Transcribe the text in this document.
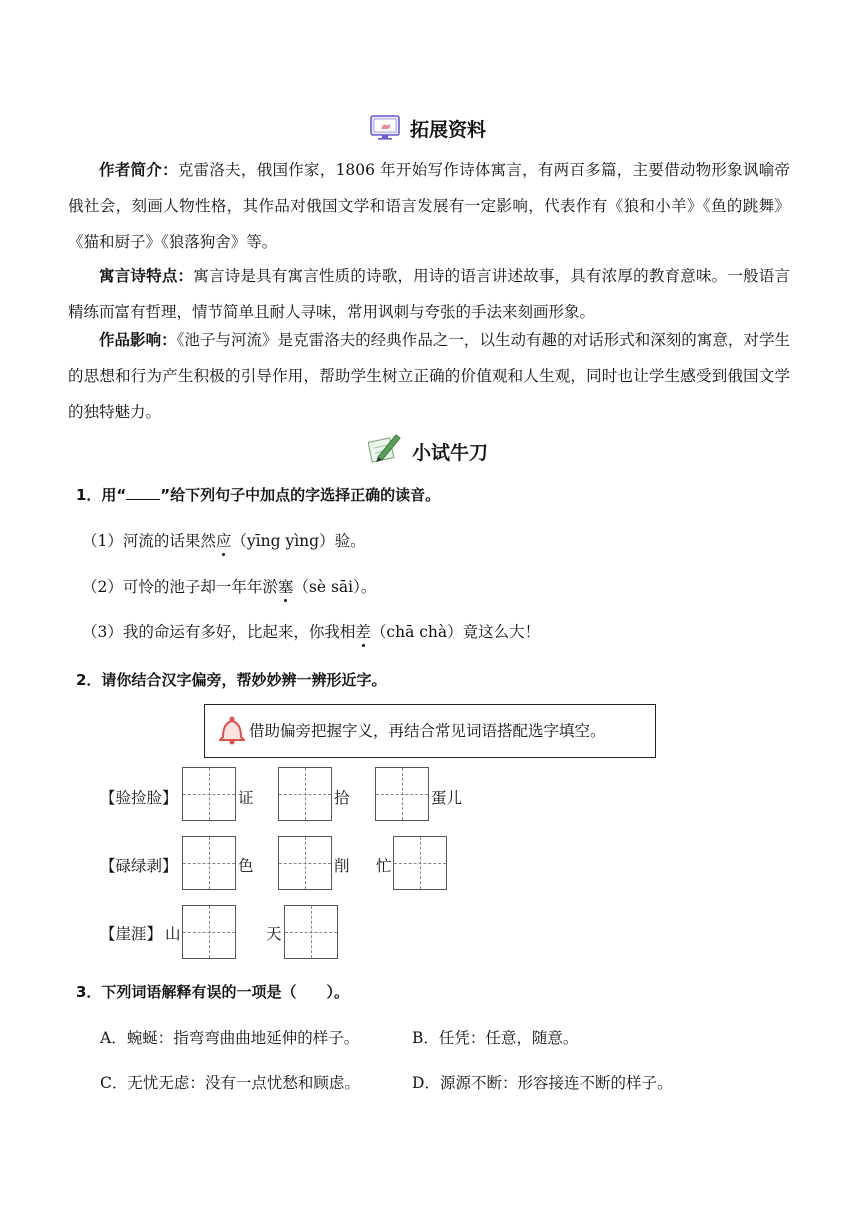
拓展资料
作者简介：克雷洛夫，俄国作家，1806 年开始写作诗体寓言，有两百多篇，主要借动物形象讽喻帝俄社会，刻画人物性格，其作品对俄国文学和语言发展有一定影响，代表作有《狼和小羊》《鱼的跳舞》《猫和厨子》《狼落狗舍》等。
寓言诗特点：寓言诗是具有寓言性质的诗歌，用诗的语言讲述故事，具有浓厚的教育意味。一般语言精练而富有哲理，情节简单且耐人寻味，常用讽刺与夸张的手法来刻画形象。
作品影响：《池子与河流》是克雷洛夫的经典作品之一，以生动有趣的对话形式和深刻的寓意，对学生的思想和行为产生积极的引导作用，帮助学生树立正确的价值观和人生观，同时也让学生感受到俄国文学的独特魅力。
小试牛刀
1．用“ ”给下列句子中加点的字选择正确的读音。
（1）河流的话果然应（yīng yìng）验。
（2）可怜的池子却一年年淤塞（sè sāi）。
（3）我的命运有多好，比起来，你我相差（chā chà）竟这么大！
2．请你结合汉字偏旁，帮妙妙辨一辨形近字。
借助偏旁把握字义，再结合常见词语搭配选字填空。
【验捡脸】	证	拾	蛋儿
【碌绿剥】	色	削 忙
【崖涯】 山	天
3．下列词语解释有误的一项是（　　）。
A．蜿蜒：指弯弯曲曲地延伸的样子。	B．任凭：任意，随意。
C．无忧无虑：没有一点忧愁和顾虑。	D．源源不断：形容接连不断的样子。
